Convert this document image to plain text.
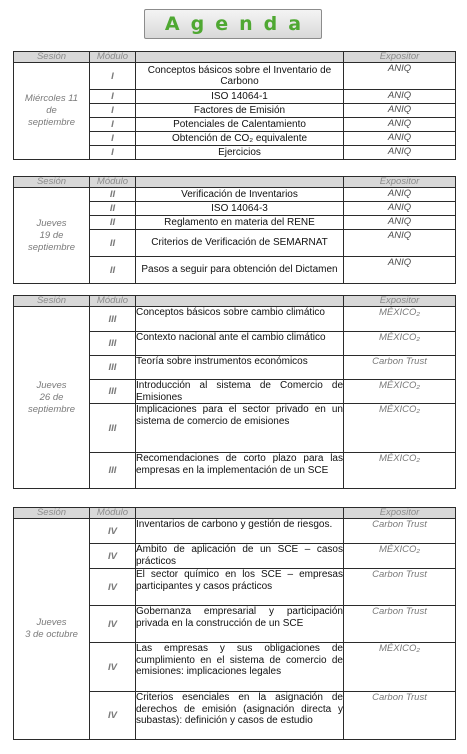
Agenda
Sesión	Módulo		Expositor
Miércoles 11
de
septiembre	I	Conceptos básicos sobre el Inventario de Carbono	ANIQ
	I	ISO 14064-1	ANIQ
	I	Factores de Emisión	ANIQ
	I	Potenciales de Calentamiento	ANIQ
	I	Obtención de CO₂ equivalente	ANIQ
	I	Ejercicios	ANIQ
Sesión	Módulo		Expositor
Jueves
19 de
septiembre	II	Verificación de Inventarios	ANIQ
	II	ISO 14064-3	ANIQ
	II	Reglamento en materia del RENE	ANIQ
	II	Criterios de Verificación de SEMARNAT	ANIQ
	II	Pasos a seguir para obtención del Dictamen	ANIQ
Sesión	Módulo		Expositor
Jueves
26 de
septiembre	III	Conceptos básicos sobre cambio climático	MÉXICO₂
	III	Contexto nacional ante el cambio climático	MÉXICO₂
	III	Teoría sobre instrumentos económicos	Carbon Trust
	III	Introducción al sistema de Comercio de Emisiones	MÉXICO₂
	III	Implicaciones para el sector privado en un sistema de comercio de emisiones	MÉXICO₂
	III	Recomendaciones de corto plazo para las empresas en la implementación de un SCE	MÉXICO₂
Sesión	Módulo		Expositor
Jueves
3 de octubre	IV	Inventarios de carbono y gestión de riesgos.	Carbon Trust
	IV	Ámbito de aplicación de un SCE – casos prácticos	MÉXICO₂
	IV	El sector químico en los SCE – empresas participantes y casos prácticos	Carbon Trust
	IV	Gobernanza empresarial y participación privada en la construcción de un SCE	Carbon Trust
	IV	Las empresas y sus obligaciones de cumplimiento en el sistema de comercio de emisiones: implicaciones legales	MÉXICO₂
	IV	Criterios esenciales en la asignación de derechos de emisión (asignación directa y subastas): definición y casos de estudio	Carbon Trust
